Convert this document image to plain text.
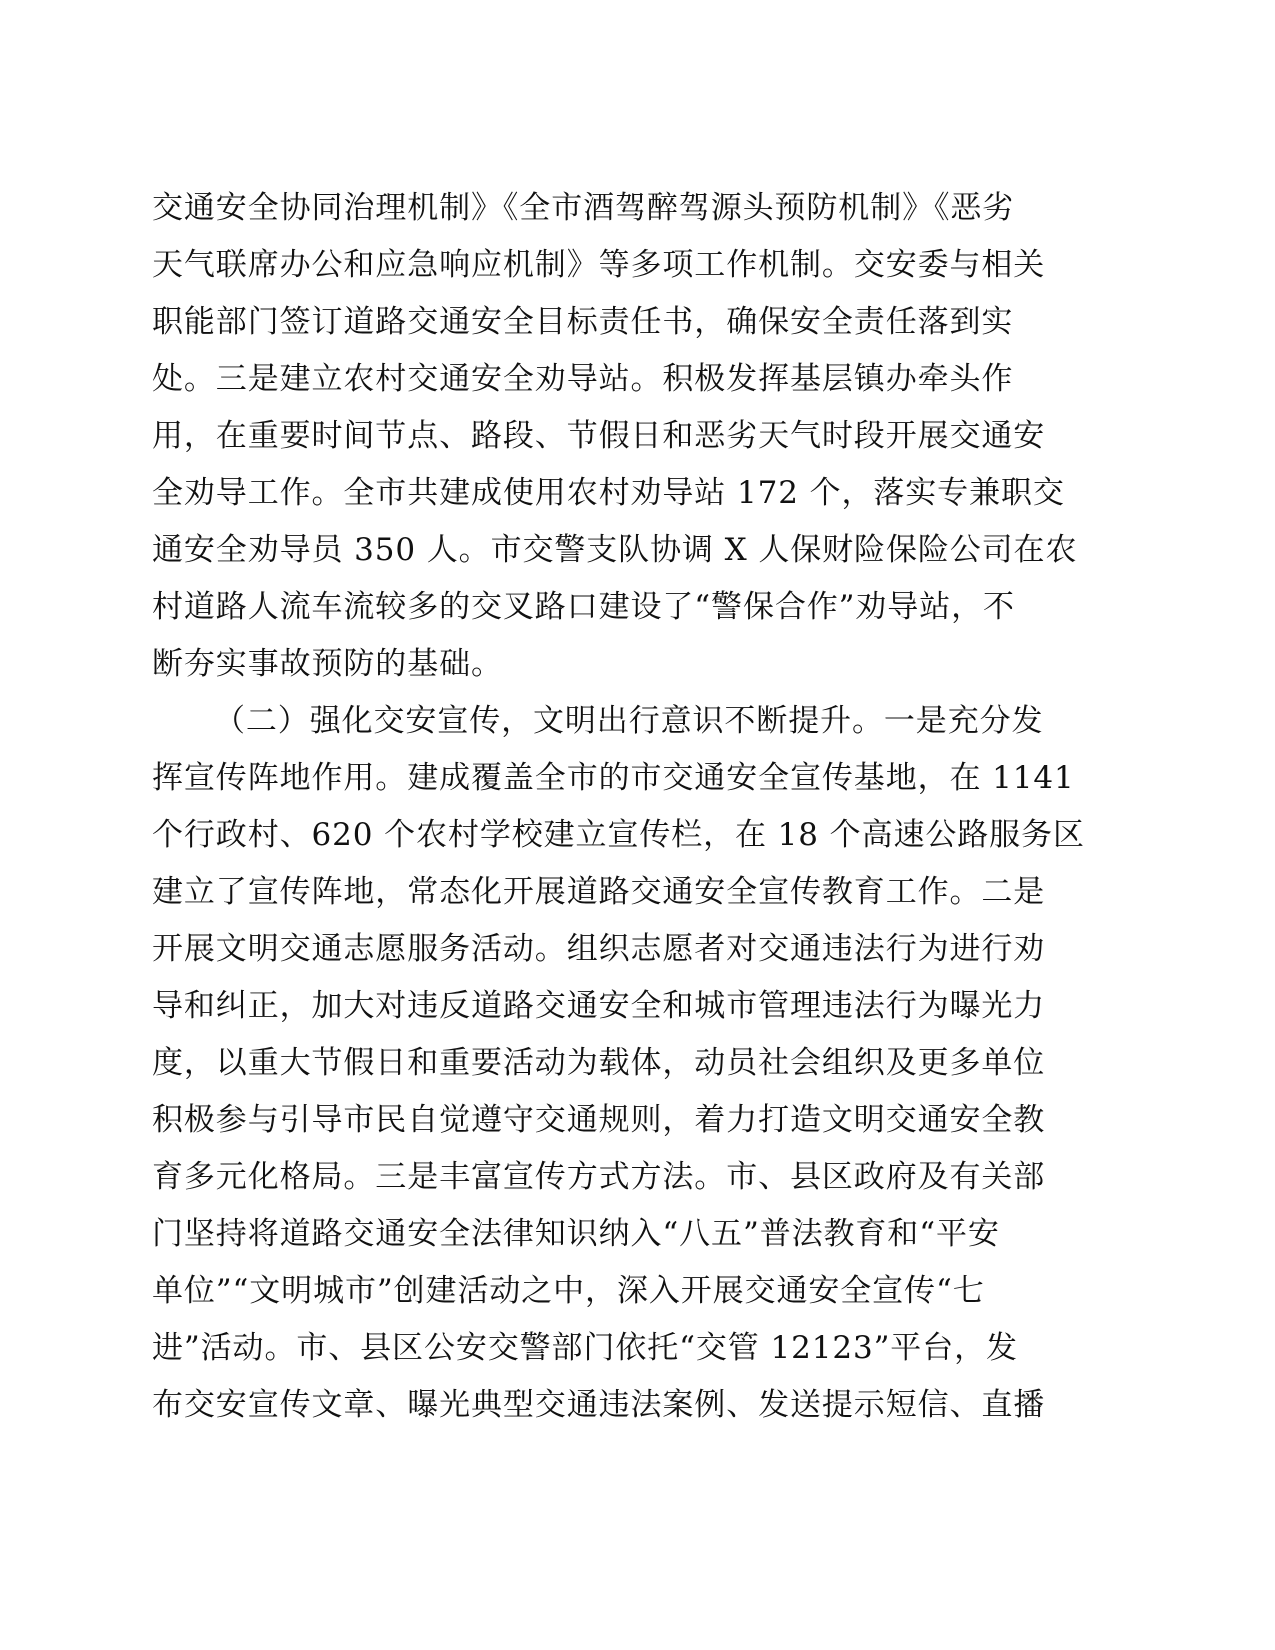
交通安全协同治理机制》《全市酒驾醉驾源头预防机制》《恶劣
天气联席办公和应急响应机制》等多项工作机制。交安委与相关
职能部门签订道路交通安全目标责任书，确保安全责任落到实
处。三是建立农村交通安全劝导站。积极发挥基层镇办牵头作
用，在重要时间节点、路段、节假日和恶劣天气时段开展交通安
全劝导工作。全市共建成使用农村劝导站 172 个，落实专兼职交
通安全劝导员 350 人。市交警支队协调 X 人保财险保险公司在农
村道路人流车流较多的交叉路口建设了“警保合作”劝导站，不
断夯实事故预防的基础。
（二）强化交安宣传，文明出行意识不断提升。一是充分发
挥宣传阵地作用。建成覆盖全市的市交通安全宣传基地，在 1141
个行政村、620 个农村学校建立宣传栏，在 18 个高速公路服务区
建立了宣传阵地，常态化开展道路交通安全宣传教育工作。二是
开展文明交通志愿服务活动。组织志愿者对交通违法行为进行劝
导和纠正，加大对违反道路交通安全和城市管理违法行为曝光力
度，以重大节假日和重要活动为载体，动员社会组织及更多单位
积极参与引导市民自觉遵守交通规则，着力打造文明交通安全教
育多元化格局。三是丰富宣传方式方法。市、县区政府及有关部
门坚持将道路交通安全法律知识纳入“八五”普法教育和“平安
单位”“文明城市”创建活动之中，深入开展交通安全宣传“七
进”活动。市、县区公安交警部门依托“交管 12123”平台，发
布交安宣传文章、曝光典型交通违法案例、发送提示短信、直播
